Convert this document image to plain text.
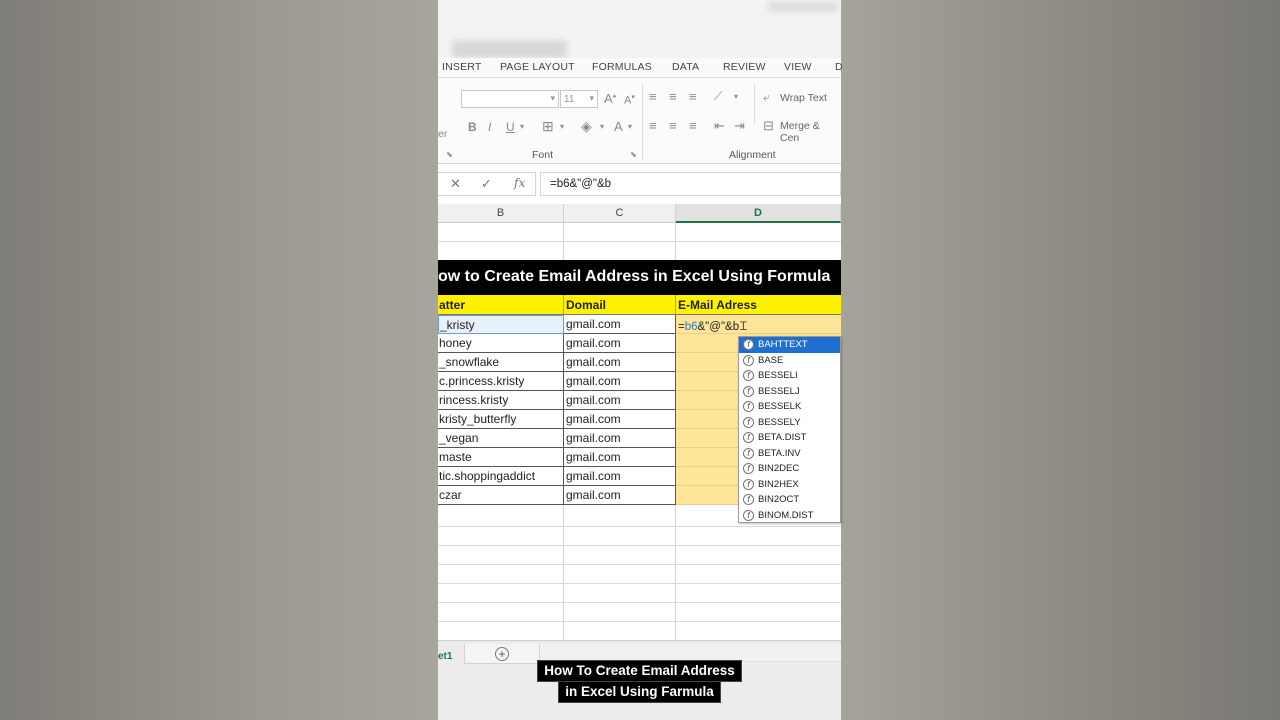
INSERT PAGE LAYOUT FORMULAS DATA REVIEW VIEW D
er
▾ 11 ▾ A▴ A▾
B I U ▾ ⊞ ▾ ◈ ▾ A ▾
⬊	Font	⬊
≡ ≡ ≡ ⟋ ▾
≡ ≡ ≡ ⇤ ⇥
⤶ Wrap Text
⊟ Merge & Cen
Alignment
✕ ✓ fx	=b6&"@"&b
B	C	D
ow to Create Email Address in Excel Using Formula
atter	Domail	E-Mail Adress
_kristy	gmail.com	=b6&"@"&bꞮ
honey	gmail.com
_snowflake	gmail.com
c.princess.kristy	gmail.com
rincess.kristy	gmail.com
kristy_butterfly	gmail.com
_vegan	gmail.com
maste	gmail.com
tic.shoppingaddict	gmail.com
czar	gmail.com
f BAHTTEXT
f BASE
f BESSELI
f BESSELJ
f BESSELK
f BESSELY
f BETA.DIST
f BETA.INV
f BIN2DEC
f BIN2HEX
f BIN2OCT
f BINOM.DIST
et1	+
How To Create Email Address
in Excel Using Farmula
